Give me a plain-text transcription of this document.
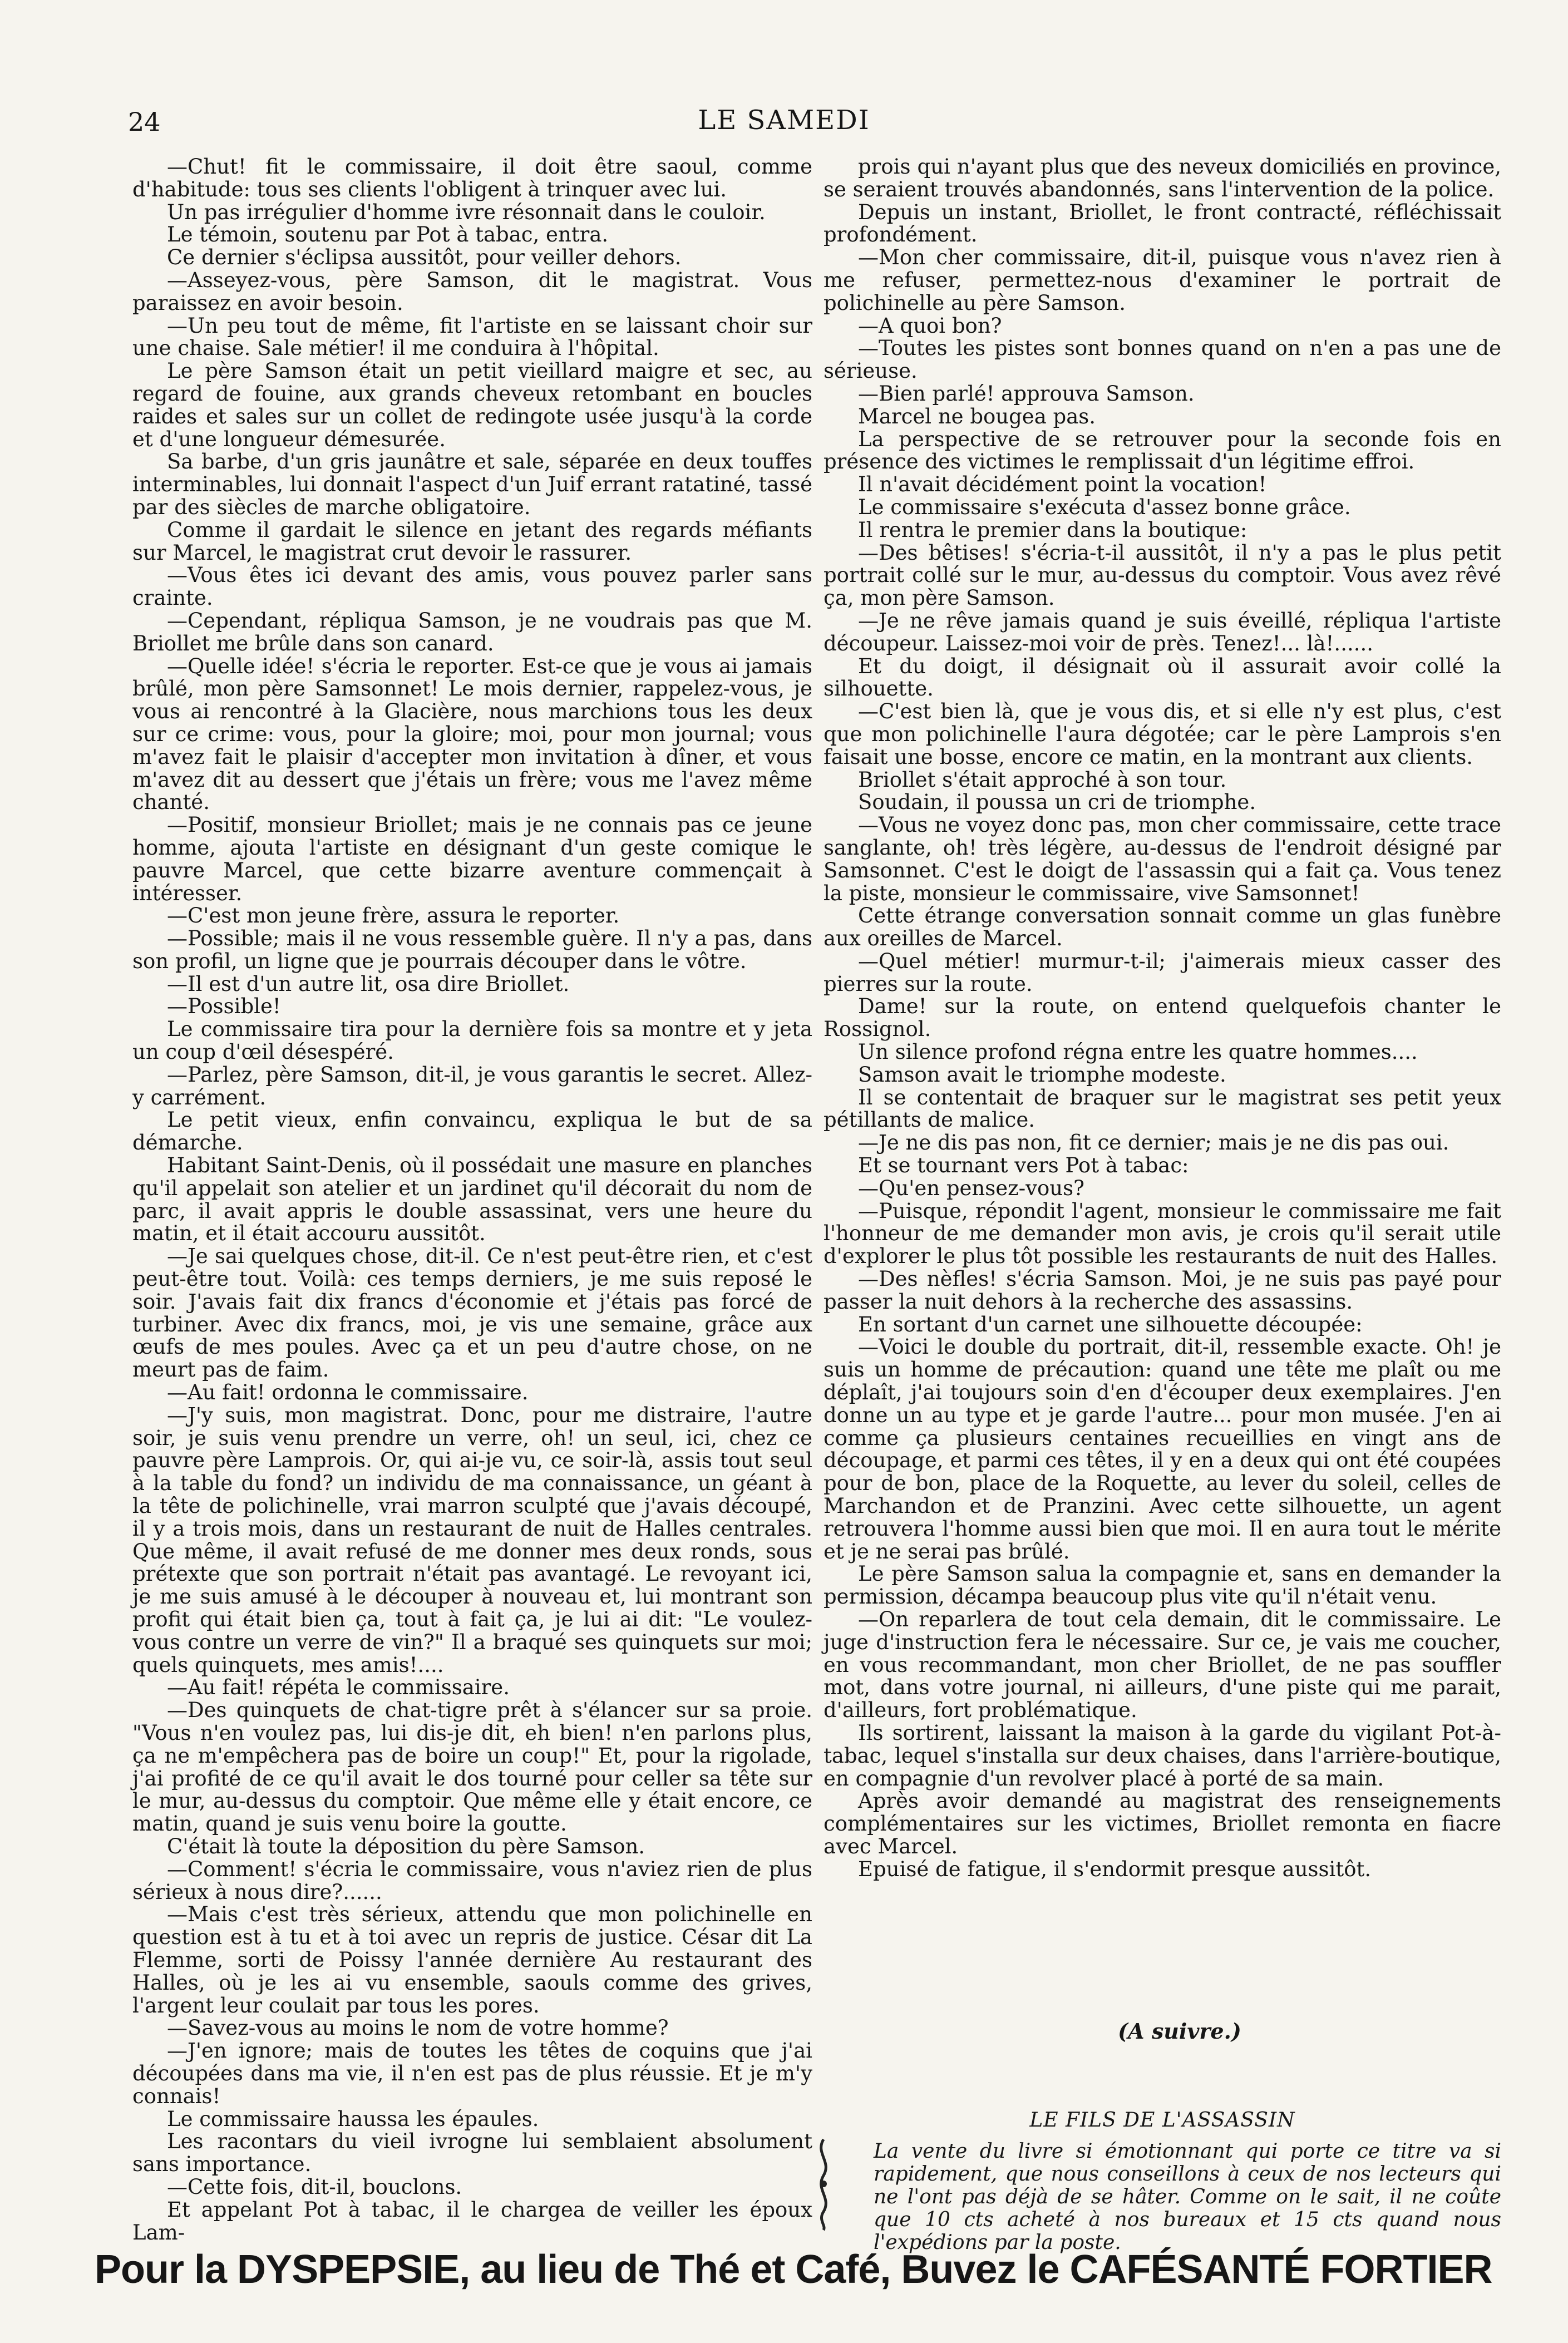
24	LE SAMEDI

—Chut! fit le commissaire, il doit être saoul, comme d'habitude: tous ses clients l'obligent à trinquer avec lui.

Un pas irrégulier d'homme ivre résonnait dans le couloir.

Le témoin, soutenu par Pot à tabac, entra.

Ce dernier s'éclipsa aussitôt, pour veiller dehors.

—Asseyez-vous, père Samson, dit le magistrat. Vous paraissez en avoir besoin.

—Un peu tout de même, fit l'artiste en se laissant choir sur une chaise. Sale métier! il me conduira à l'hôpital.

Le père Samson était un petit vieillard maigre et sec, au regard de fouine, aux grands cheveux retombant en boucles raides et sales sur un collet de redingote usée jusqu'à la corde et d'une longueur démesurée.

Sa barbe, d'un gris jaunâtre et sale, séparée en deux touffes interminables, lui donnait l'aspect d'un Juif errant ratatiné, tassé par des siècles de marche obligatoire.

Comme il gardait le silence en jetant des regards méfiants sur Marcel, le magistrat crut devoir le rassurer.

—Vous êtes ici devant des amis, vous pouvez parler sans crainte.

—Cependant, répliqua Samson, je ne voudrais pas que M. Briollet me brûle dans son canard.

—Quelle idée! s'écria le reporter. Est-ce que je vous ai jamais brûlé, mon père Samsonnet! Le mois dernier, rappelez-vous, je vous ai rencontré à la Glacière, nous marchions tous les deux sur ce crime: vous, pour la gloire; moi, pour mon journal; vous m'avez fait le plaisir d'accepter mon invitation à dîner, et vous m'avez dit au dessert que j'étais un frère; vous me l'avez même chanté.

—Positif, monsieur Briollet; mais je ne connais pas ce jeune homme, ajouta l'artiste en désignant d'un geste comique le pauvre Marcel, que cette bizarre aventure commençait à intéresser.

—C'est mon jeune frère, assura le reporter.

—Possible; mais il ne vous ressemble guère. Il n'y a pas, dans son profil, un ligne que je pourrais découper dans le vôtre.

—Il est d'un autre lit, osa dire Briollet.

—Possible!

Le commissaire tira pour la dernière fois sa montre et y jeta un coup d'œil désespéré.

—Parlez, père Samson, dit-il, je vous garantis le secret. Allez-y carrément.

Le petit vieux, enfin convaincu, expliqua le but de sa démarche.

Habitant Saint-Denis, où il possédait une masure en planches qu'il appelait son atelier et un jardinet qu'il décorait du nom de parc, il avait appris le double assassinat, vers une heure du matin, et il était accouru aussitôt.

—Je sai quelques chose, dit-il. Ce n'est peut-être rien, et c'est peut-être tout. Voilà: ces temps derniers, je me suis reposé le soir. J'avais fait dix francs d'économie et j'étais pas forcé de turbiner. Avec dix francs, moi, je vis une semaine, grâce aux œufs de mes poules. Avec ça et un peu d'autre chose, on ne meurt pas de faim.

—Au fait! ordonna le commissaire.

—J'y suis, mon magistrat. Donc, pour me distraire, l'autre soir, je suis venu prendre un verre, oh! un seul, ici, chez ce pauvre père Lamprois. Or, qui ai-je vu, ce soir-là, assis tout seul à la table du fond? un individu de ma connaissance, un géant à la tête de polichinelle, vrai marron sculpté que j'avais découpé, il y a trois mois, dans un restaurant de nuit de Halles centrales. Que même, il avait refusé de me donner mes deux ronds, sous prétexte que son portrait n'était pas avantagé. Le revoyant ici, je me suis amusé à le découper à nouveau et, lui montrant son profit qui était bien ça, tout à fait ça, je lui ai dit: "Le voulez-vous contre un verre de vin?" Il a braqué ses quinquets sur moi; quels quinquets, mes amis!....

—Au fait! répéta le commissaire.

—Des quinquets de chat-tigre prêt à s'élancer sur sa proie. "Vous n'en voulez pas, lui dis-je dit, eh bien! n'en parlons plus, ça ne m'empêchera pas de boire un coup!" Et, pour la rigolade, j'ai profité de ce qu'il avait le dos tourné pour celler sa tête sur le mur, au-dessus du comptoir. Que même elle y était encore, ce matin, quand je suis venu boire la goutte.

C'était là toute la déposition du père Samson.

—Comment! s'écria le commissaire, vous n'aviez rien de plus sérieux à nous dire?......

—Mais c'est très sérieux, attendu que mon polichinelle en question est à tu et à toi avec un repris de justice. César dit La Flemme, sorti de Poissy l'année dernière Au restaurant des Halles, où je les ai vu ensemble, saouls comme des grives, l'argent leur coulait par tous les pores.

—Savez-vous au moins le nom de votre homme?

—J'en ignore; mais de toutes les têtes de coquins que j'ai découpées dans ma vie, il n'en est pas de plus réussie. Et je m'y connais!

Le commissaire haussa les épaules.

Les racontars du vieil ivrogne lui semblaient absolument sans importance.

—Cette fois, dit-il, bouclons.

Et appelant Pot à tabac, il le chargea de veiller les époux Lam-

prois qui n'ayant plus que des neveux domiciliés en province, se seraient trouvés abandonnés, sans l'intervention de la police.

Depuis un instant, Briollet, le front contracté, réfléchissait profondément.

—Mon cher commissaire, dit-il, puisque vous n'avez rien à me refuser, permettez-nous d'examiner le portrait de polichinelle au père Samson.

—A quoi bon?

—Toutes les pistes sont bonnes quand on n'en a pas une de sérieuse.

—Bien parlé! approuva Samson.

Marcel ne bougea pas.

La perspective de se retrouver pour la seconde fois en présence des victimes le remplissait d'un légitime effroi.

Il n'avait décidément point la vocation!

Le commissaire s'exécuta d'assez bonne grâce.

Il rentra le premier dans la boutique:

—Des bêtises! s'écria-t-il aussitôt, il n'y a pas le plus petit portrait collé sur le mur, au-dessus du comptoir. Vous avez rêvé ça, mon père Samson.

—Je ne rêve jamais quand je suis éveillé, répliqua l'artiste découpeur. Laissez-moi voir de près. Tenez!... là!......

Et du doigt, il désignait où il assurait avoir collé la silhouette.

—C'est bien là, que je vous dis, et si elle n'y est plus, c'est que mon polichinelle l'aura dégotée; car le père Lamprois s'en faisait une bosse, encore ce matin, en la montrant aux clients.

Briollet s'était approché à son tour.

Soudain, il poussa un cri de triomphe.

—Vous ne voyez donc pas, mon cher commissaire, cette trace sanglante, oh! très légère, au-dessus de l'endroit désigné par Samsonnet. C'est le doigt de l'assassin qui a fait ça. Vous tenez la piste, monsieur le commissaire, vive Samsonnet!

Cette étrange conversation sonnait comme un glas funèbre aux oreilles de Marcel.

—Quel métier! murmur-t-il; j'aimerais mieux casser des pierres sur la route.

Dame! sur la route, on entend quelquefois chanter le Rossignol.

Un silence profond régna entre les quatre hommes....

Samson avait le triomphe modeste.

Il se contentait de braquer sur le magistrat ses petit yeux pétillants de malice.

—Je ne dis pas non, fit ce dernier; mais je ne dis pas oui.

Et se tournant vers Pot à tabac:

—Qu'en pensez-vous?

—Puisque, répondit l'agent, monsieur le commissaire me fait l'honneur de me demander mon avis, je crois qu'il serait utile d'explorer le plus tôt possible les restaurants de nuit des Halles.

—Des nèfles! s'écria Samson. Moi, je ne suis pas payé pour passer la nuit dehors à la recherche des assassins.

En sortant d'un carnet une silhouette découpée:

—Voici le double du portrait, dit-il, ressemble exacte. Oh! je suis un homme de précaution: quand une tête me plaît ou me déplaît, j'ai toujours soin d'en d'écouper deux exemplaires. J'en donne un au type et je garde l'autre... pour mon musée. J'en ai comme ça plusieurs centaines recueillies en vingt ans de découpage, et parmi ces têtes, il y en a deux qui ont été coupées pour de bon, place de la Roquette, au lever du soleil, celles de Marchandon et de Pranzini. Avec cette silhouette, un agent retrouvera l'homme aussi bien que moi. Il en aura tout le mérite et je ne serai pas brûlé.

Le père Samson salua la compagnie et, sans en demander la permission, décampa beaucoup plus vite qu'il n'était venu.

—On reparlera de tout cela demain, dit le commissaire. Le juge d'instruction fera le nécessaire. Sur ce, je vais me coucher, en vous recommandant, mon cher Briollet, de ne pas souffler mot, dans votre journal, ni ailleurs, d'une piste qui me parait, d'ailleurs, fort problématique.

Ils sortirent, laissant la maison à la garde du vigilant Pot-à-tabac, lequel s'installa sur deux chaises, dans l'arrière-boutique, en compagnie d'un revolver placé à porté de sa main.

Après avoir demandé au magistrat des renseignements complémentaires sur les victimes, Briollet remonta en fiacre avec Marcel.

Epuisé de fatigue, il s'endormit presque aussitôt.

(A suivre.)

LE FILS DE L'ASSASSIN

La vente du livre si émotionnant qui porte ce titre va si rapidement, que nous conseillons à ceux de nos lecteurs qui ne l'ont pas déjà de se hâter. Comme on le sait, il ne coûte que 10 cts acheté à nos bureaux et 15 cts quand nous l'expédions par la poste.

Pour la DYSPEPSIE, au lieu de Thé et Café, Buvez le CAFÉSANTÉ FORTIER
